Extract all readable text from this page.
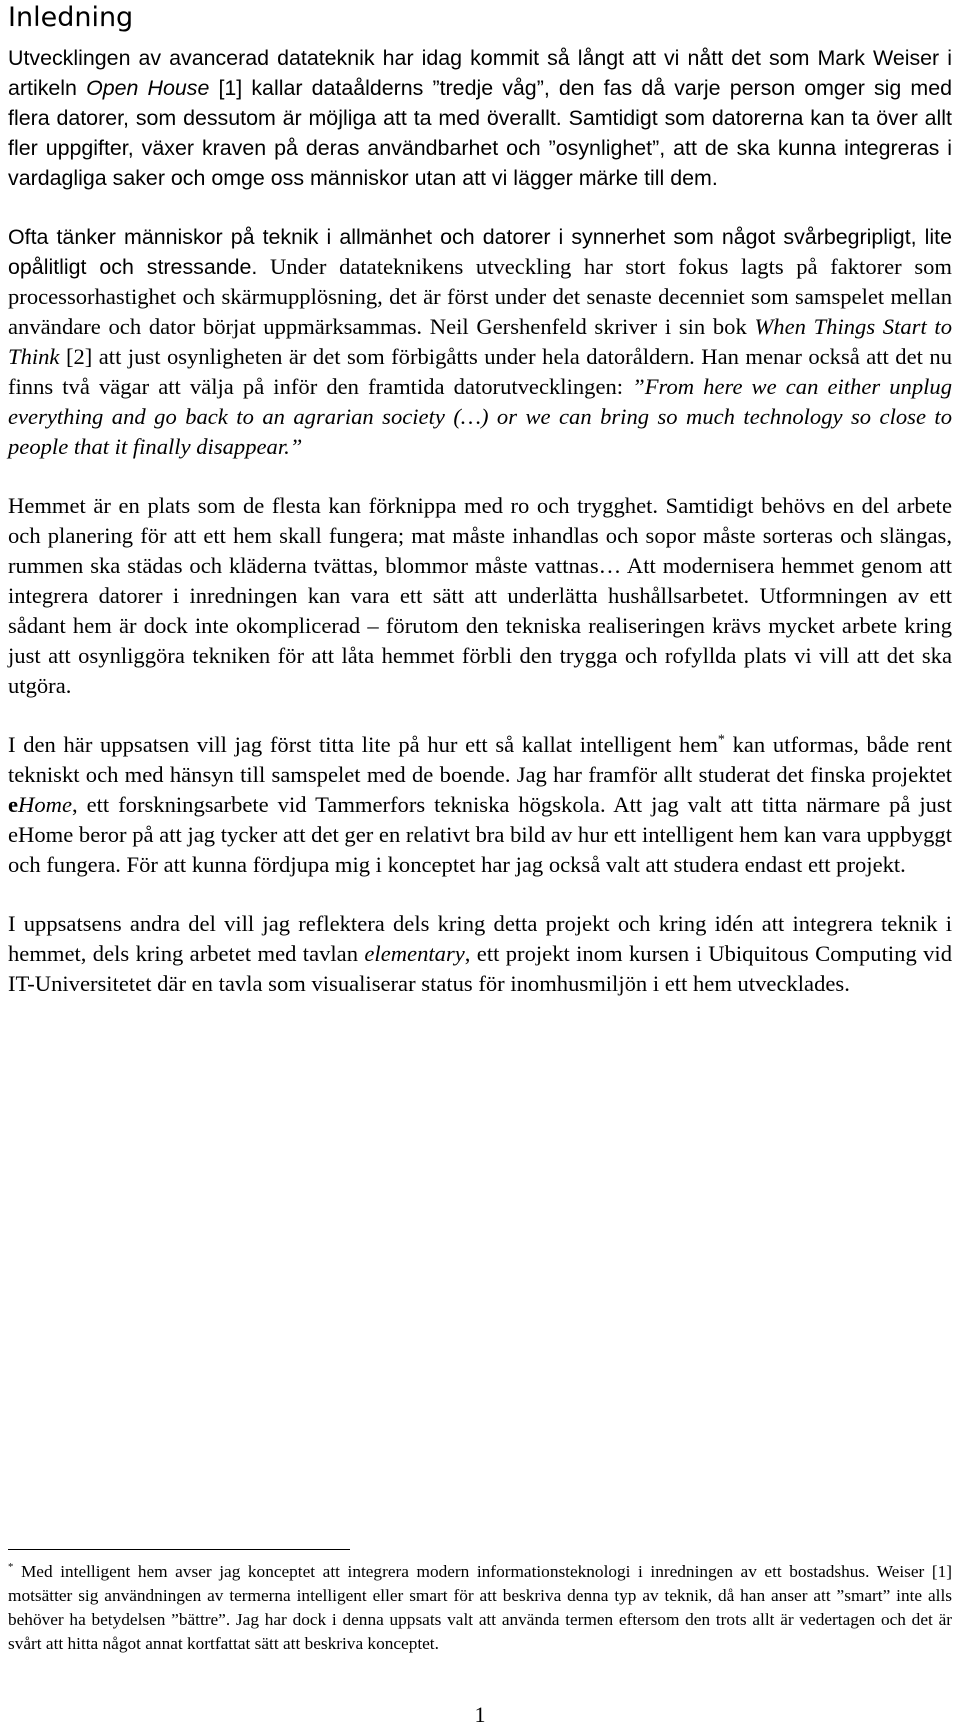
Inledning

Utvecklingen av avancerad datateknik har idag kommit så långt att vi nått det som Mark Weiser i artikeln Open House [1] kallar dataålderns ”tredje våg”, den fas då varje person omger sig med flera datorer, som dessutom är möjliga att ta med överallt. Samtidigt som datorerna kan ta över allt fler uppgifter, växer kraven på deras användbarhet och ”osynlighet”, att de ska kunna integreras i vardagliga saker och omge oss människor utan att vi lägger märke till dem.

Ofta tänker människor på teknik i allmänhet och datorer i synnerhet som något svårbegripligt, lite opålitligt och stressande. Under datateknikens utveckling har stort fokus lagts på faktorer som processorhastighet och skärmupplösning, det är först under det senaste decenniet som samspelet mellan användare och dator börjat uppmärksammas. Neil Gershenfeld skriver i sin bok When Things Start to Think [2] att just osynligheten är det som förbigåtts under hela datoråldern. Han menar också att det nu finns två vägar att välja på inför den framtida datorutvecklingen: ”From here we can either unplug everything and go back to an agrarian society (…) or we can bring so much technology so close to people that it finally disappear.”

Hemmet är en plats som de flesta kan förknippa med ro och trygghet. Samtidigt behövs en del arbete och planering för att ett hem skall fungera; mat måste inhandlas och sopor måste sorteras och slängas, rummen ska städas och kläderna tvättas, blommor måste vattnas… Att modernisera hemmet genom att integrera datorer i inredningen kan vara ett sätt att underlätta hushållsarbetet. Utformningen av ett sådant hem är dock inte okomplicerad – förutom den tekniska realiseringen krävs mycket arbete kring just att osynliggöra tekniken för att låta hemmet förbli den trygga och rofyllda plats vi vill att det ska utgöra.

I den här uppsatsen vill jag först titta lite på hur ett så kallat intelligent hem* kan utformas, både rent tekniskt och med hänsyn till samspelet med de boende. Jag har framför allt studerat det finska projektet eHome, ett forskningsarbete vid Tammerfors tekniska högskola. Att jag valt att titta närmare på just eHome beror på att jag tycker att det ger en relativt bra bild av hur ett intelligent hem kan vara uppbyggt och fungera. För att kunna fördjupa mig i konceptet har jag också valt att studera endast ett projekt.

I uppsatsens andra del vill jag reflektera dels kring detta projekt och kring idén att integrera teknik i hemmet, dels kring arbetet med tavlan elementary, ett projekt inom kursen i Ubiquitous Computing vid IT-Universitetet där en tavla som visualiserar status för inomhusmiljön i ett hem utvecklades.

* Med intelligent hem avser jag konceptet att integrera modern informationsteknologi i inredningen av ett bostadshus. Weiser [1] motsätter sig användningen av termerna intelligent eller smart för att beskriva denna typ av teknik, då han anser att ”smart” inte alls behöver ha betydelsen ”bättre”. Jag har dock i denna uppsats valt att använda termen eftersom den trots allt är vedertagen och det är svårt att hitta något annat kortfattat sätt att beskriva konceptet.

1
